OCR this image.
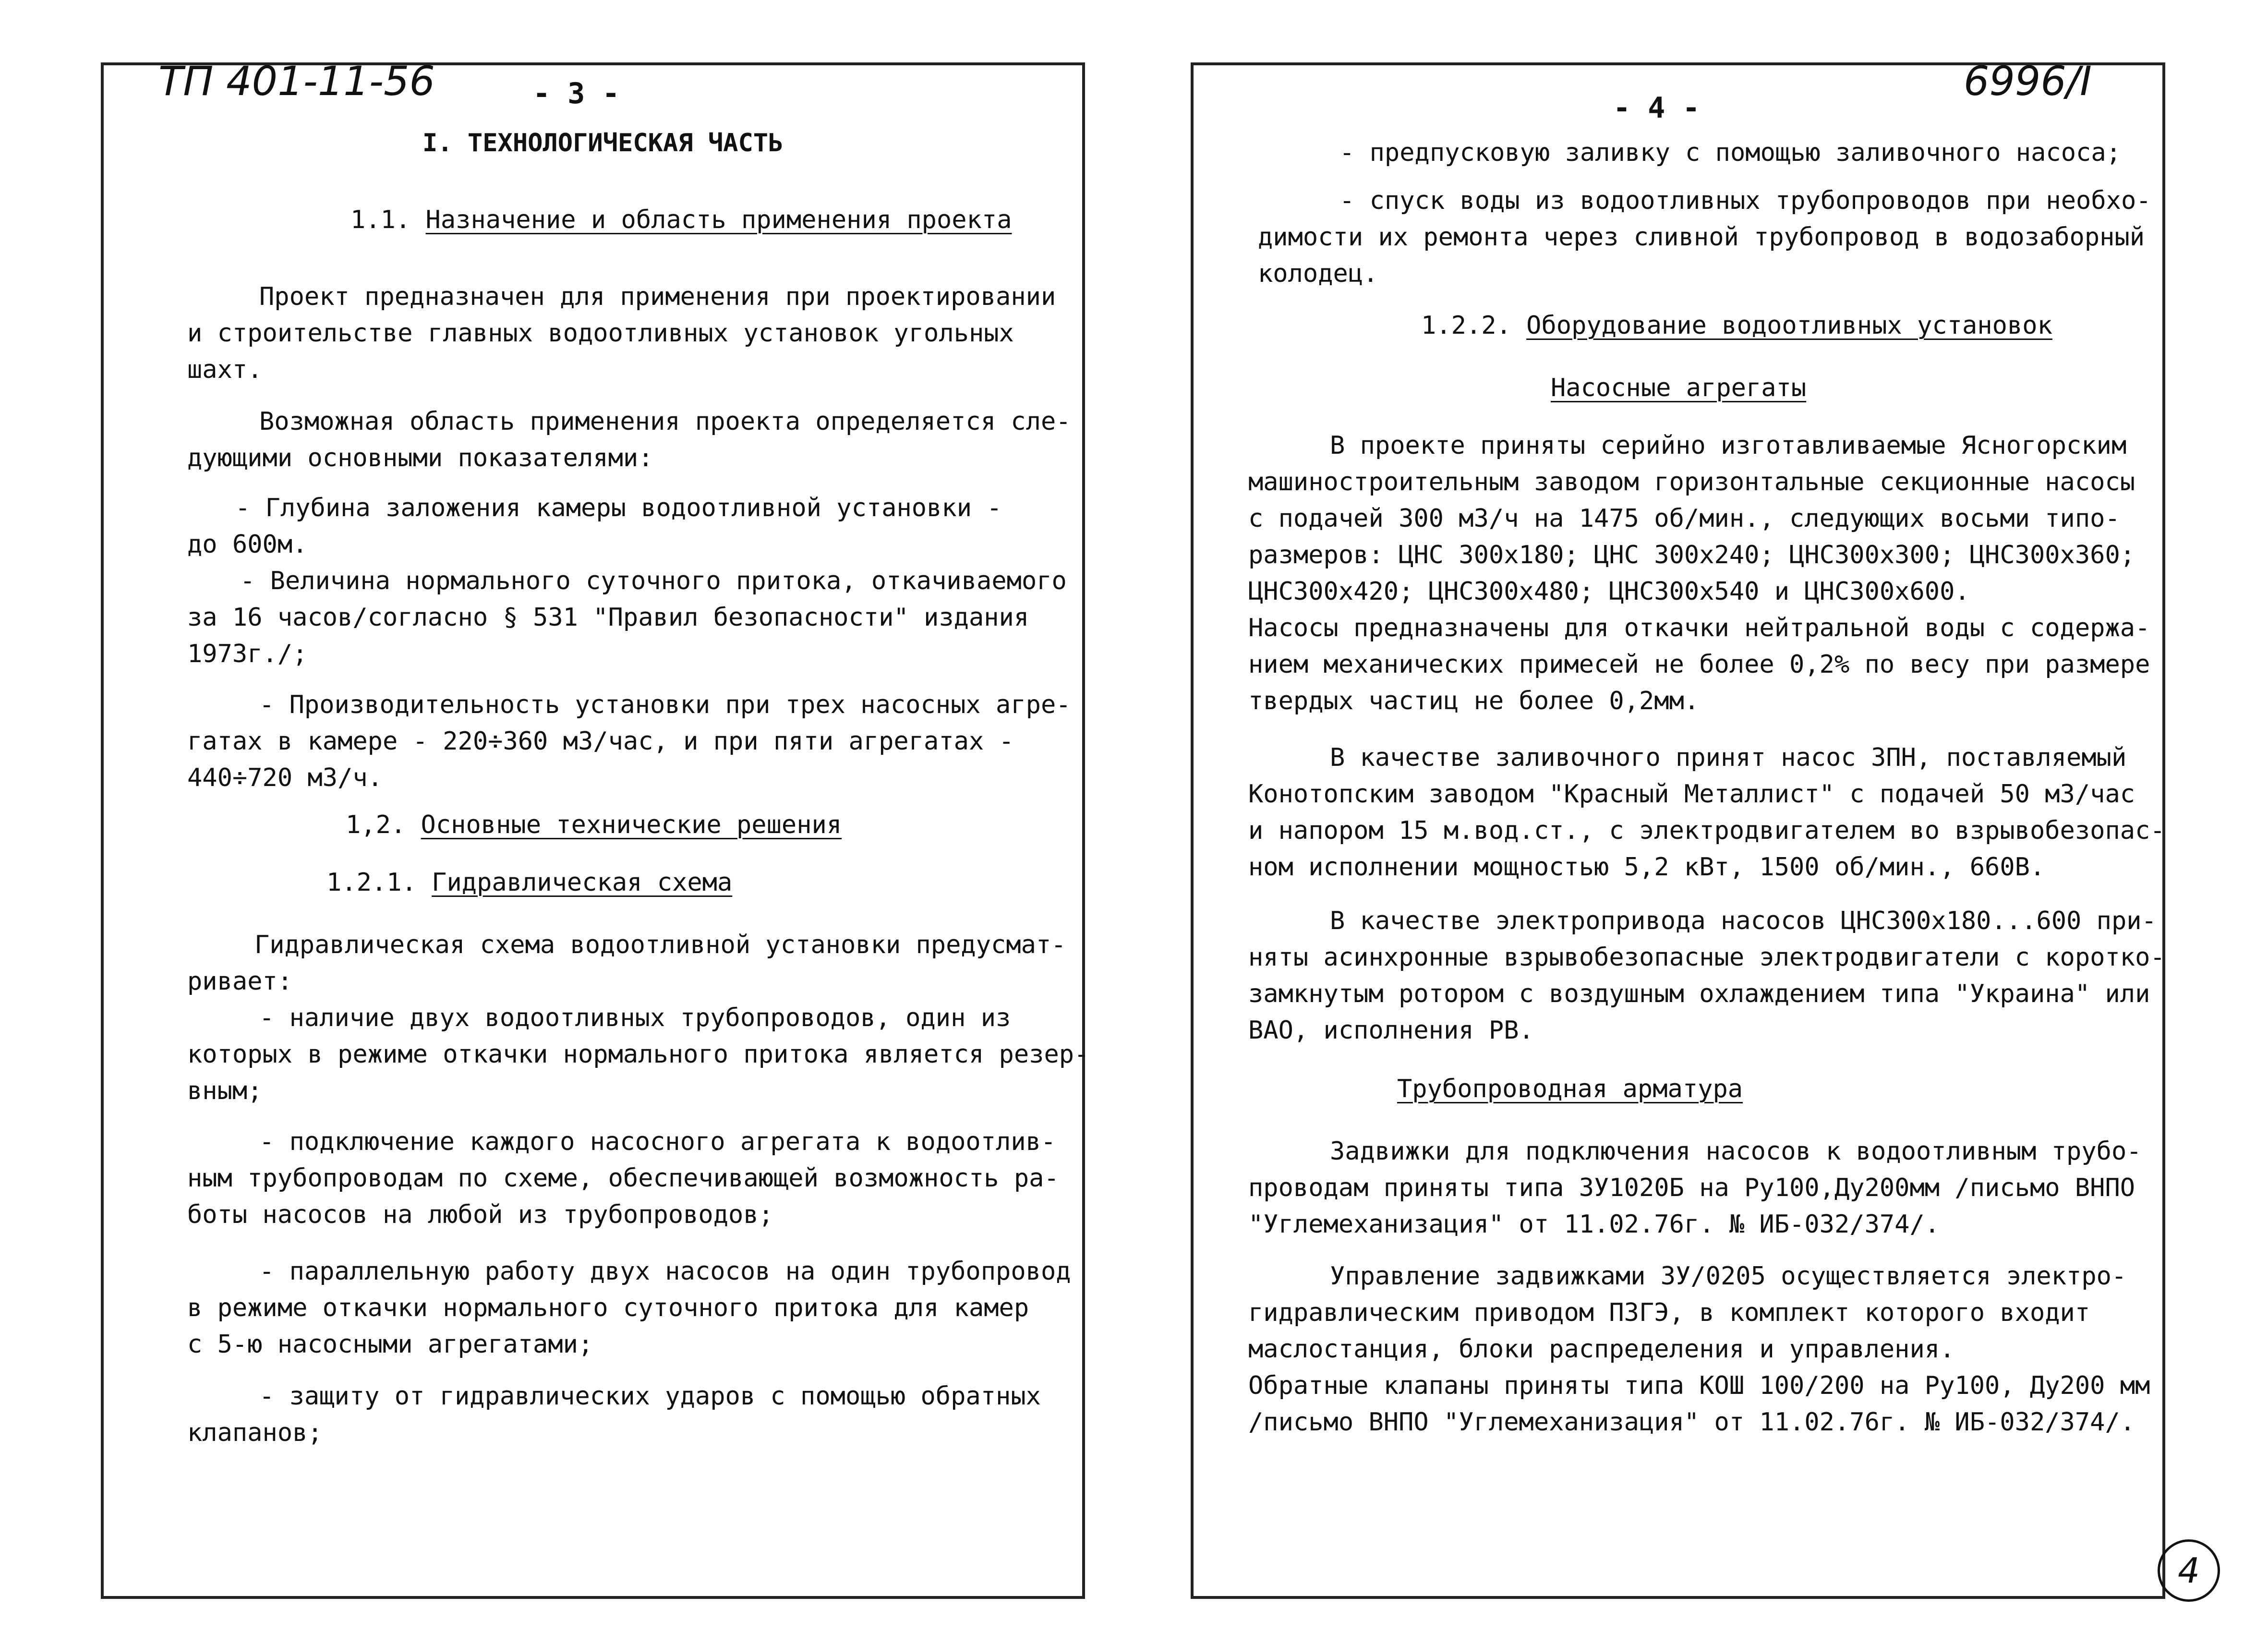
ТП 401-11-56	- 3 -
I. ТЕХНОЛОГИЧЕСКАЯ ЧАСТЬ
1.1. Назначение и область применения проекта
Проект предназначен для применения при проектировании
и строительстве главных водоотливных установок угольных
шахт.
Возможная область применения проекта определяется сле-
дующими основными показателями:
- Глубина заложения камеры водоотливной установки -
до 600м.
- Величина нормального суточного притока, откачиваемого
за 16 часов/согласно § 531 "Правил безопасности" издания
1973г./;
- Производительность установки при трех насосных агре-
гатах в камере - 220÷360 м3/час, и при пяти агрегатах -
440÷720 м3/ч.
1,2. Основные технические решения
1.2.1. Гидравлическая схема
Гидравлическая схема водоотливной установки предусмат-
ривает:
- наличие двух водоотливных трубопроводов, один из
которых в режиме откачки нормального притока является резер-
вным;
- подключение каждого насосного агрегата к водоотлив-
ным трубопроводам по схеме, обеспечивающей возможность ра-
боты насосов на любой из трубопроводов;
- параллельную работу двух насосов на один трубопровод
в режиме откачки нормального суточного притока для камер
с 5-ю насосными агрегатами;
- защиту от гидравлических ударов с помощью обратных
клапанов;
6996/I
- 4 -
- предпусковую заливку с помощью заливочного насоса;
- спуск воды из водоотливных трубопроводов при необхо-
димости их ремонта через сливной трубопровод в водозаборный
колодец.
1.2.2. Оборудование водоотливных установок
Насосные агрегаты
В проекте приняты серийно изготавливаемые Ясногорским
машиностроительным заводом горизонтальные секционные насосы
с подачей 300 м3/ч на 1475 об/мин., следующих восьми типо-
размеров: ЦНС 300х180; ЦНС 300х240; ЦНС300х300; ЦНС300х360;
ЦНС300х420; ЦНС300х480; ЦНС300х540 и ЦНС300х600.
Насосы предназначены для откачки нейтральной воды с содержа-
нием механических примесей не более 0,2% по весу при размере
твердых частиц не более 0,2мм.
В качестве заливочного принят насос 3ПН, поставляемый
Конотопским заводом "Красный Металлист" с подачей 50 м3/час
и напором 15 м.вод.ст., с электродвигателем во взрывобезопас-
ном исполнении мощностью 5,2 кВт, 1500 об/мин., 660В.
В качестве электропривода насосов ЦНС300х180...600 при-
няты асинхронные взрывобезопасные электродвигатели с коротко-
замкнутым ротором с воздушным охлаждением типа "Украина" или
ВАО, исполнения РВ.
Трубопроводная арматура
Задвижки для подключения насосов к водоотливным трубо-
проводам приняты типа ЗУ1020Б на Ру100,Ду200мм /письмо ВНПО
"Углемеханизация" от 11.02.76г. № ИБ-032/374/.
Управление задвижками ЗУ/0205 осуществляется электро-
гидравлическим приводом ПЗГЭ, в комплект которого входит
маслостанция, блоки распределения и управления.
Обратные клапаны приняты типа КОШ 100/200 на Ру100, Ду200 мм
/письмо ВНПО "Углемеханизация" от 11.02.76г. № ИБ-032/374/.
4
